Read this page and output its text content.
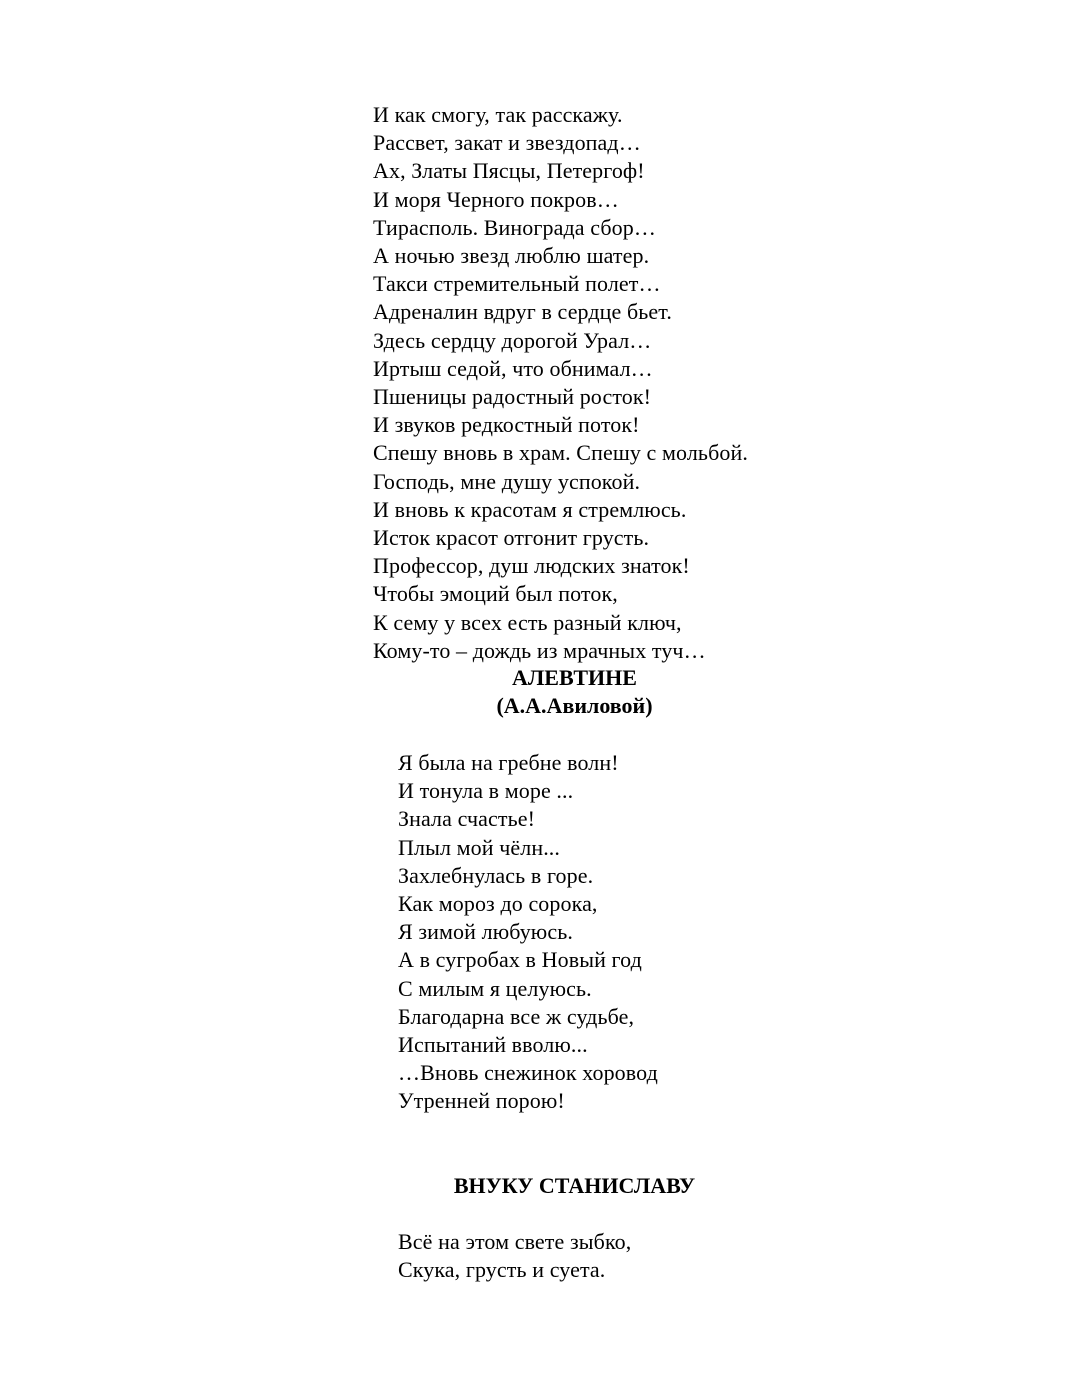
И как смогу, так расскажу.
Рассвет, закат и звездопад…
Ах, Златы Пясцы, Петергоф!
И моря Черного покров…
Тирасполь. Винограда сбор…
А ночью звезд люблю шатер.
Такси стремительный полет…
Адреналин вдруг в сердце бьет.
Здесь сердцу дорогой Урал…
Иртыш седой, что обнимал…
Пшеницы радостный росток!
И звуков редкостный поток!
Спешу вновь в храм. Спешу с мольбой.
Господь, мне душу успокой.
И вновь к красотам я стремлюсь.
Исток красот отгонит грусть.
Профессор, душ людских знаток!
Чтобы эмоций был поток,
К сему у всех есть разный ключ,
Кому-то – дождь из мрачных туч…
АЛЕВТИНЕ
(А.А.Авиловой)
Я была на гребне волн!
И тонула в море ...
Знала счастье!
Плыл мой чёлн...
Захлебнулась в горе.
Как мороз до сорока,
Я зимой любуюсь.
А в сугробах в Новый год
С милым я целуюсь.
Благодарна все ж судьбе,
Испытаний вволю...
…Вновь снежинок хоровод
Утренней порою!
ВНУКУ СТАНИСЛАВУ
Всё на этом свете зыбко,
Скука, грусть и суета.
